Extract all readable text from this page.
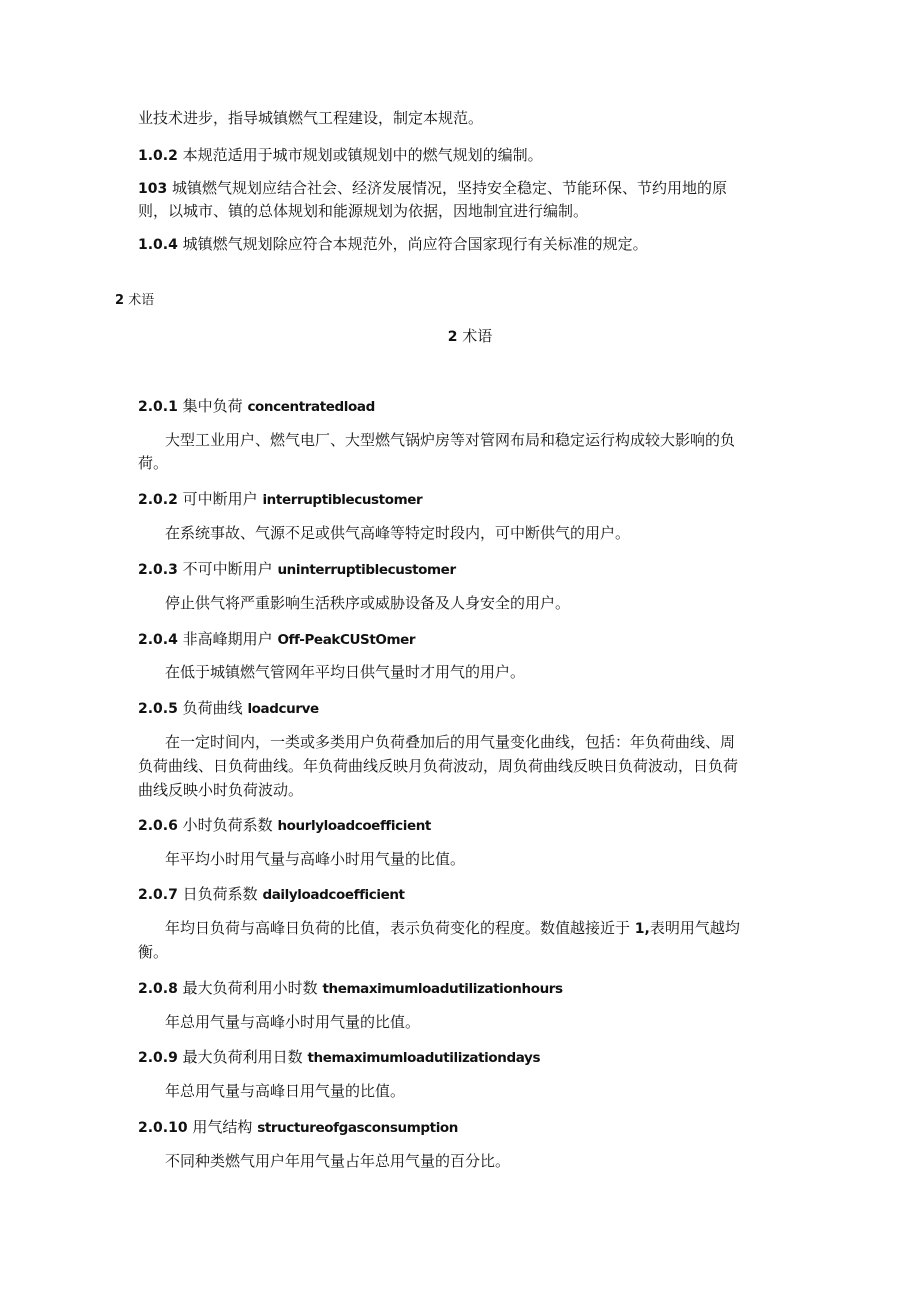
业技术进步，指导城镇燃气工程建设，制定本规范。
1.0.2 本规范适用于城市规划或镇规划中的燃气规划的编制。
103 城镇燃气规划应结合社会、经济发展情况，坚持安全稳定、节能环保、节约用地的原
则，以城市、镇的总体规划和能源规划为依据，因地制宜进行编制。
1.0.4 城镇燃气规划除应符合本规范外，尚应符合国家现行有关标准的规定。
2 术语
2 术语
2.0.1 集中负荷 concentratedload
大型工业用户、燃气电厂、大型燃气锅炉房等对管网布局和稳定运行构成较大影响的负
荷。
2.0.2 可中断用户 interruptiblecustomer
在系统事故、气源不足或供气高峰等特定时段内，可中断供气的用户。
2.0.3 不可中断用户 uninterruptiblecustomer
停止供气将严重影响生活秩序或威胁设备及人身安全的用户。
2.0.4 非高峰期用户 Off-PeakCUStOmer
在低于城镇燃气管网年平均日供气量时才用气的用户。
2.0.5 负荷曲线 loadcurve
在一定时间内，一类或多类用户负荷叠加后的用气量变化曲线，包括：年负荷曲线、周
负荷曲线、日负荷曲线。年负荷曲线反映月负荷波动，周负荷曲线反映日负荷波动，日负荷
曲线反映小时负荷波动。
2.0.6 小时负荷系数 hourlyloadcoefficient
年平均小时用气量与高峰小时用气量的比值。
2.0.7 日负荷系数 dailyloadcoefficient
年均日负荷与高峰日负荷的比值，表示负荷变化的程度。数值越接近于 1,表明用气越均
衡。
2.0.8 最大负荷利用小时数 themaximumloadutilizationhours
年总用气量与高峰小时用气量的比值。
2.0.9 最大负荷利用日数 themaximumloadutilizationdays
年总用气量与高峰日用气量的比值。
2.0.10 用气结构 structureofgasconsumption
不同种类燃气用户年用气量占年总用气量的百分比。
